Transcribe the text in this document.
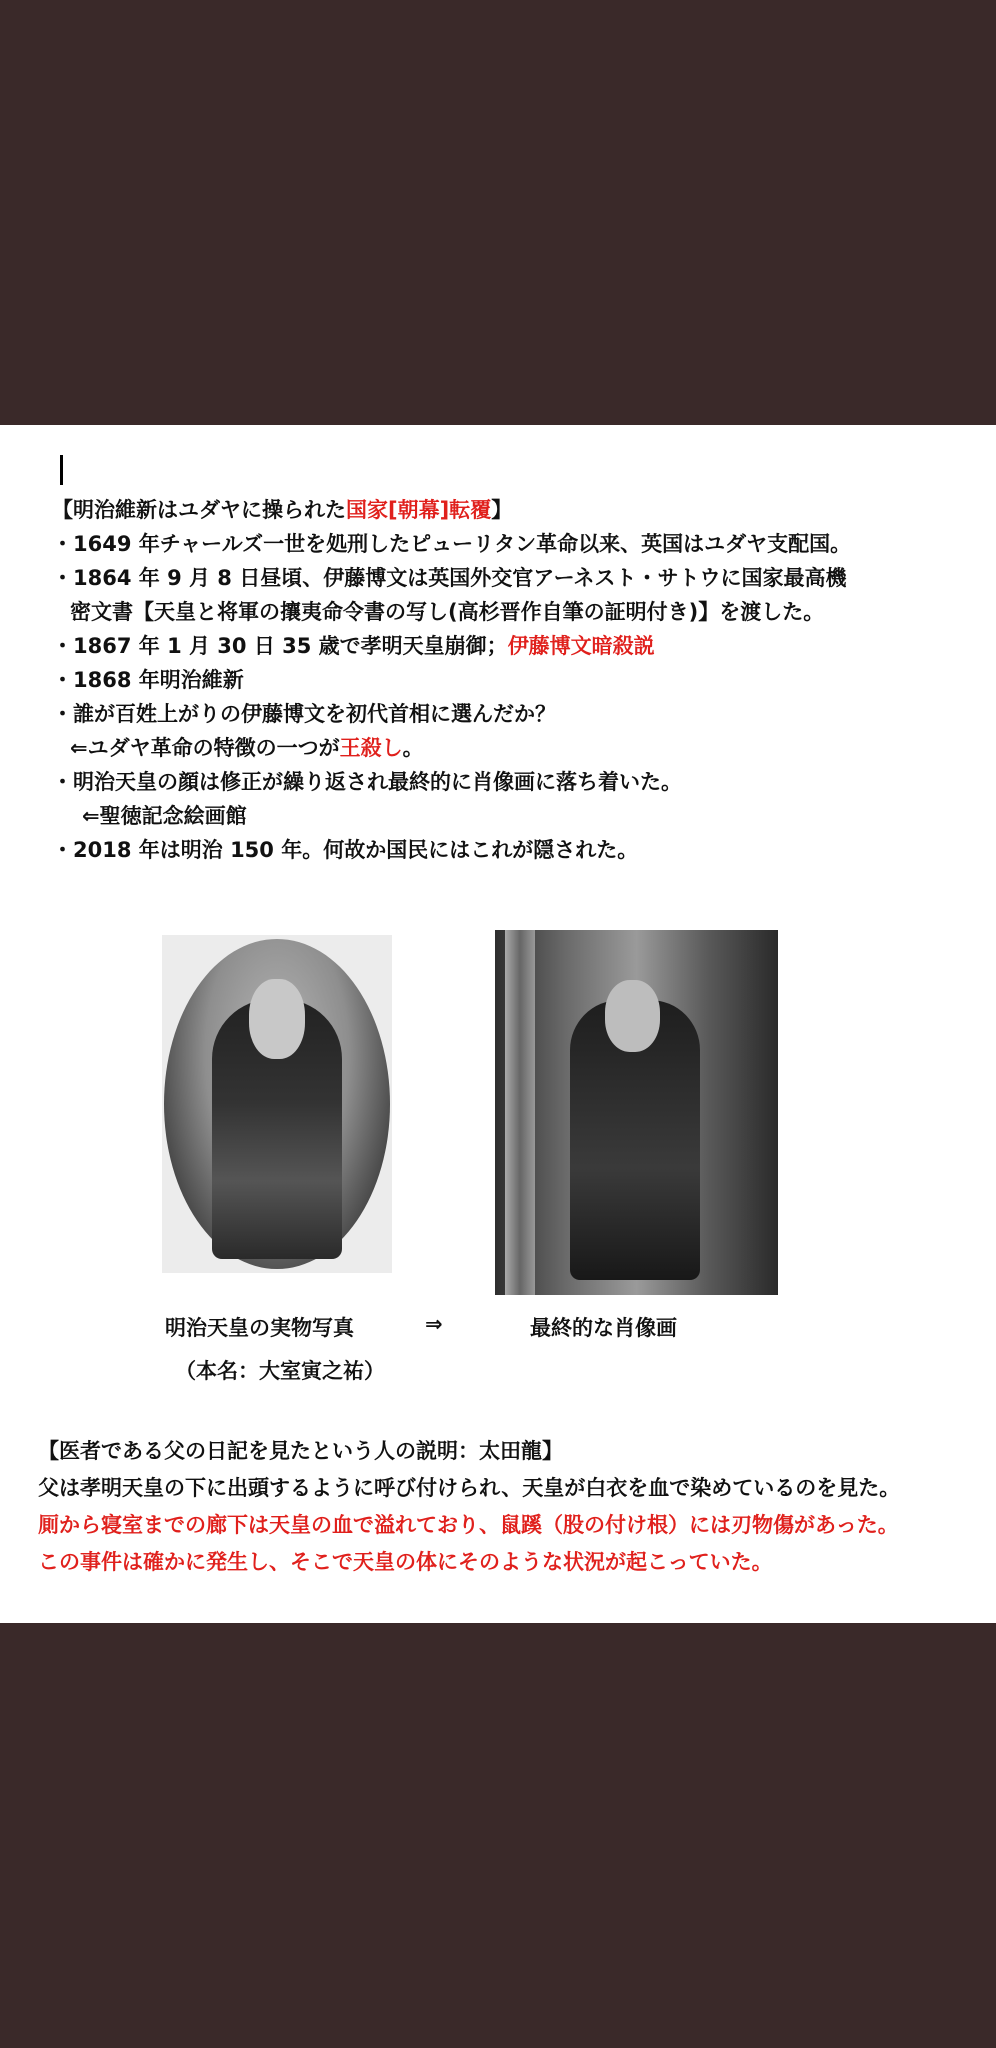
【明治維新はユダヤに操られた国家[朝幕]転覆】
・1649 年チャールズ一世を処刑したピューリタン革命以来、英国はユダヤ支配国。
・1864 年 9 月 8 日昼頃、伊藤博文は英国外交官アーネスト・サトウに国家最高機
密文書【天皇と将軍の攘夷命令書の写し(高杉晋作自筆の証明付き)】を渡した。
・1867 年 1 月 30 日 35 歳で孝明天皇崩御；伊藤博文暗殺説
・1868 年明治維新
・誰が百姓上がりの伊藤博文を初代首相に選んだか？
⇐ユダヤ革命の特徴の一つが王殺し。
・明治天皇の顔は修正が繰り返され最終的に肖像画に落ち着いた。
⇐聖徳記念絵画館
・2018 年は明治 150 年。何故か国民にはこれが隠された。
明治天皇の実物写真	⇒	最終的な肖像画
（本名：大室寅之祐）
【医者である父の日記を見たという人の説明：太田龍】
父は孝明天皇の下に出頭するように呼び付けられ、天皇が白衣を血で染めているのを見た。
厠から寝室までの廊下は天皇の血で溢れており、鼠蹊（股の付け根）には刃物傷があった。
この事件は確かに発生し、そこで天皇の体にそのような状況が起こっていた。
